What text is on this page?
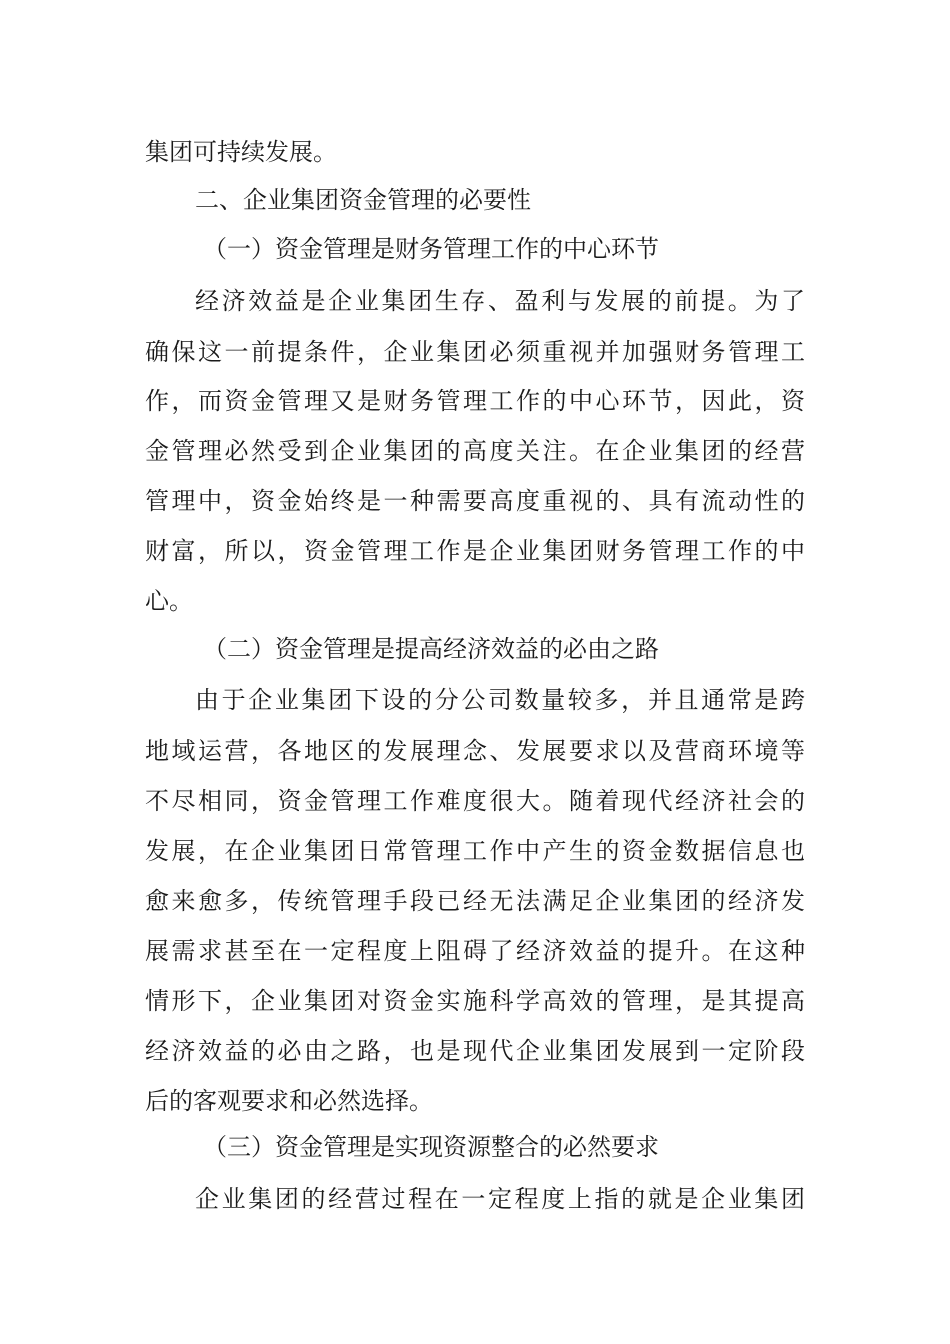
集团可持续发展。
二、企业集团资金管理的必要性
（一）资金管理是财务管理工作的中心环节
经济效益是企业集团生存、盈利与发展的前提。为了
确保这一前提条件，企业集团必须重视并加强财务管理工
作，而资金管理又是财务管理工作的中心环节，因此，资
金管理必然受到企业集团的高度关注。在企业集团的经营
管理中，资金始终是一种需要高度重视的、具有流动性的
财富，所以，资金管理工作是企业集团财务管理工作的中
心。
（二）资金管理是提高经济效益的必由之路
由于企业集团下设的分公司数量较多，并且通常是跨
地域运营，各地区的发展理念、发展要求以及营商环境等
不尽相同，资金管理工作难度很大。随着现代经济社会的
发展，在企业集团日常管理工作中产生的资金数据信息也
愈来愈多，传统管理手段已经无法满足企业集团的经济发
展需求甚至在一定程度上阻碍了经济效益的提升。在这种
情形下，企业集团对资金实施科学高效的管理，是其提高
经济效益的必由之路，也是现代企业集团发展到一定阶段
后的客观要求和必然选择。
（三）资金管理是实现资源整合的必然要求
企业集团的经营过程在一定程度上指的就是企业集团
